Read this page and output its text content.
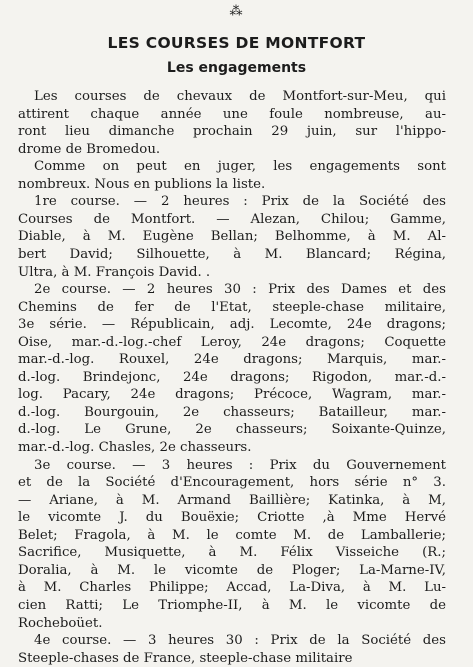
⁂
LES COURSES DE MONTFORT
Les engagements
Les courses de chevaux de Montfort-sur-Meu, qui
attirent chaque année une foule nombreuse, au-
ront lieu dimanche prochain 29 juin, sur l'hippo-
drome de Bromedou.
Comme on peut en juger, les engagements sont
nombreux. Nous en publions la liste.
1re course. — 2 heures : Prix de la Société des
Courses de Montfort. — Alezan, Chilou; Gamme,
Diable, à M. Eugène Bellan; Belhomme, à M. Al-
bert David; Silhouette, à M. Blancard; Régina,
Ultra, à M. François David. .
2e course. — 2 heures 30 : Prix des Dames et des
Chemins de fer de l'Etat, steeple-chase militaire,
3e série. — Républicain, adj. Lecomte, 24e dragons;
Oise, mar.-d.-log.-chef Leroy, 24e dragons; Coquette
mar.-d.-log. Rouxel, 24e dragons; Marquis, mar.-
d.-log. Brindejonc, 24e dragons; Rigodon, mar.-d.-
log. Pacary, 24e dragons; Précoce, Wagram, mar.-
d.-log. Bourgouin, 2e chasseurs; Batailleur, mar.-
d.-log. Le Grune, 2e chasseurs; Soixante-Quinze,
mar.-d.-log. Chasles, 2e chasseurs.
3e course. — 3 heures : Prix du Gouvernement
et de la Société d'Encouragement, hors série n° 3.
— Ariane, à M. Armand Baillière; Katinka, à M,
le vicomte J. du Bouëxie; Criotte ,à Mme Hervé
Belet; Fragola, à M. le comte M. de Lamballerie;
Sacrifice, Musiquette, à M. Félix Visseiche (R.;
Doralia, à M. le vicomte de Ploger; La-Marne-IV,
à M. Charles Philippe; Accad, La-Diva, à M. Lu-
cien Ratti; Le Triomphe-II, à M. le vicomte de
Rocheboüet.
4e course. — 3 heures 30 : Prix de la Société des
Steeple-chases de France, steeple-chase militaire
